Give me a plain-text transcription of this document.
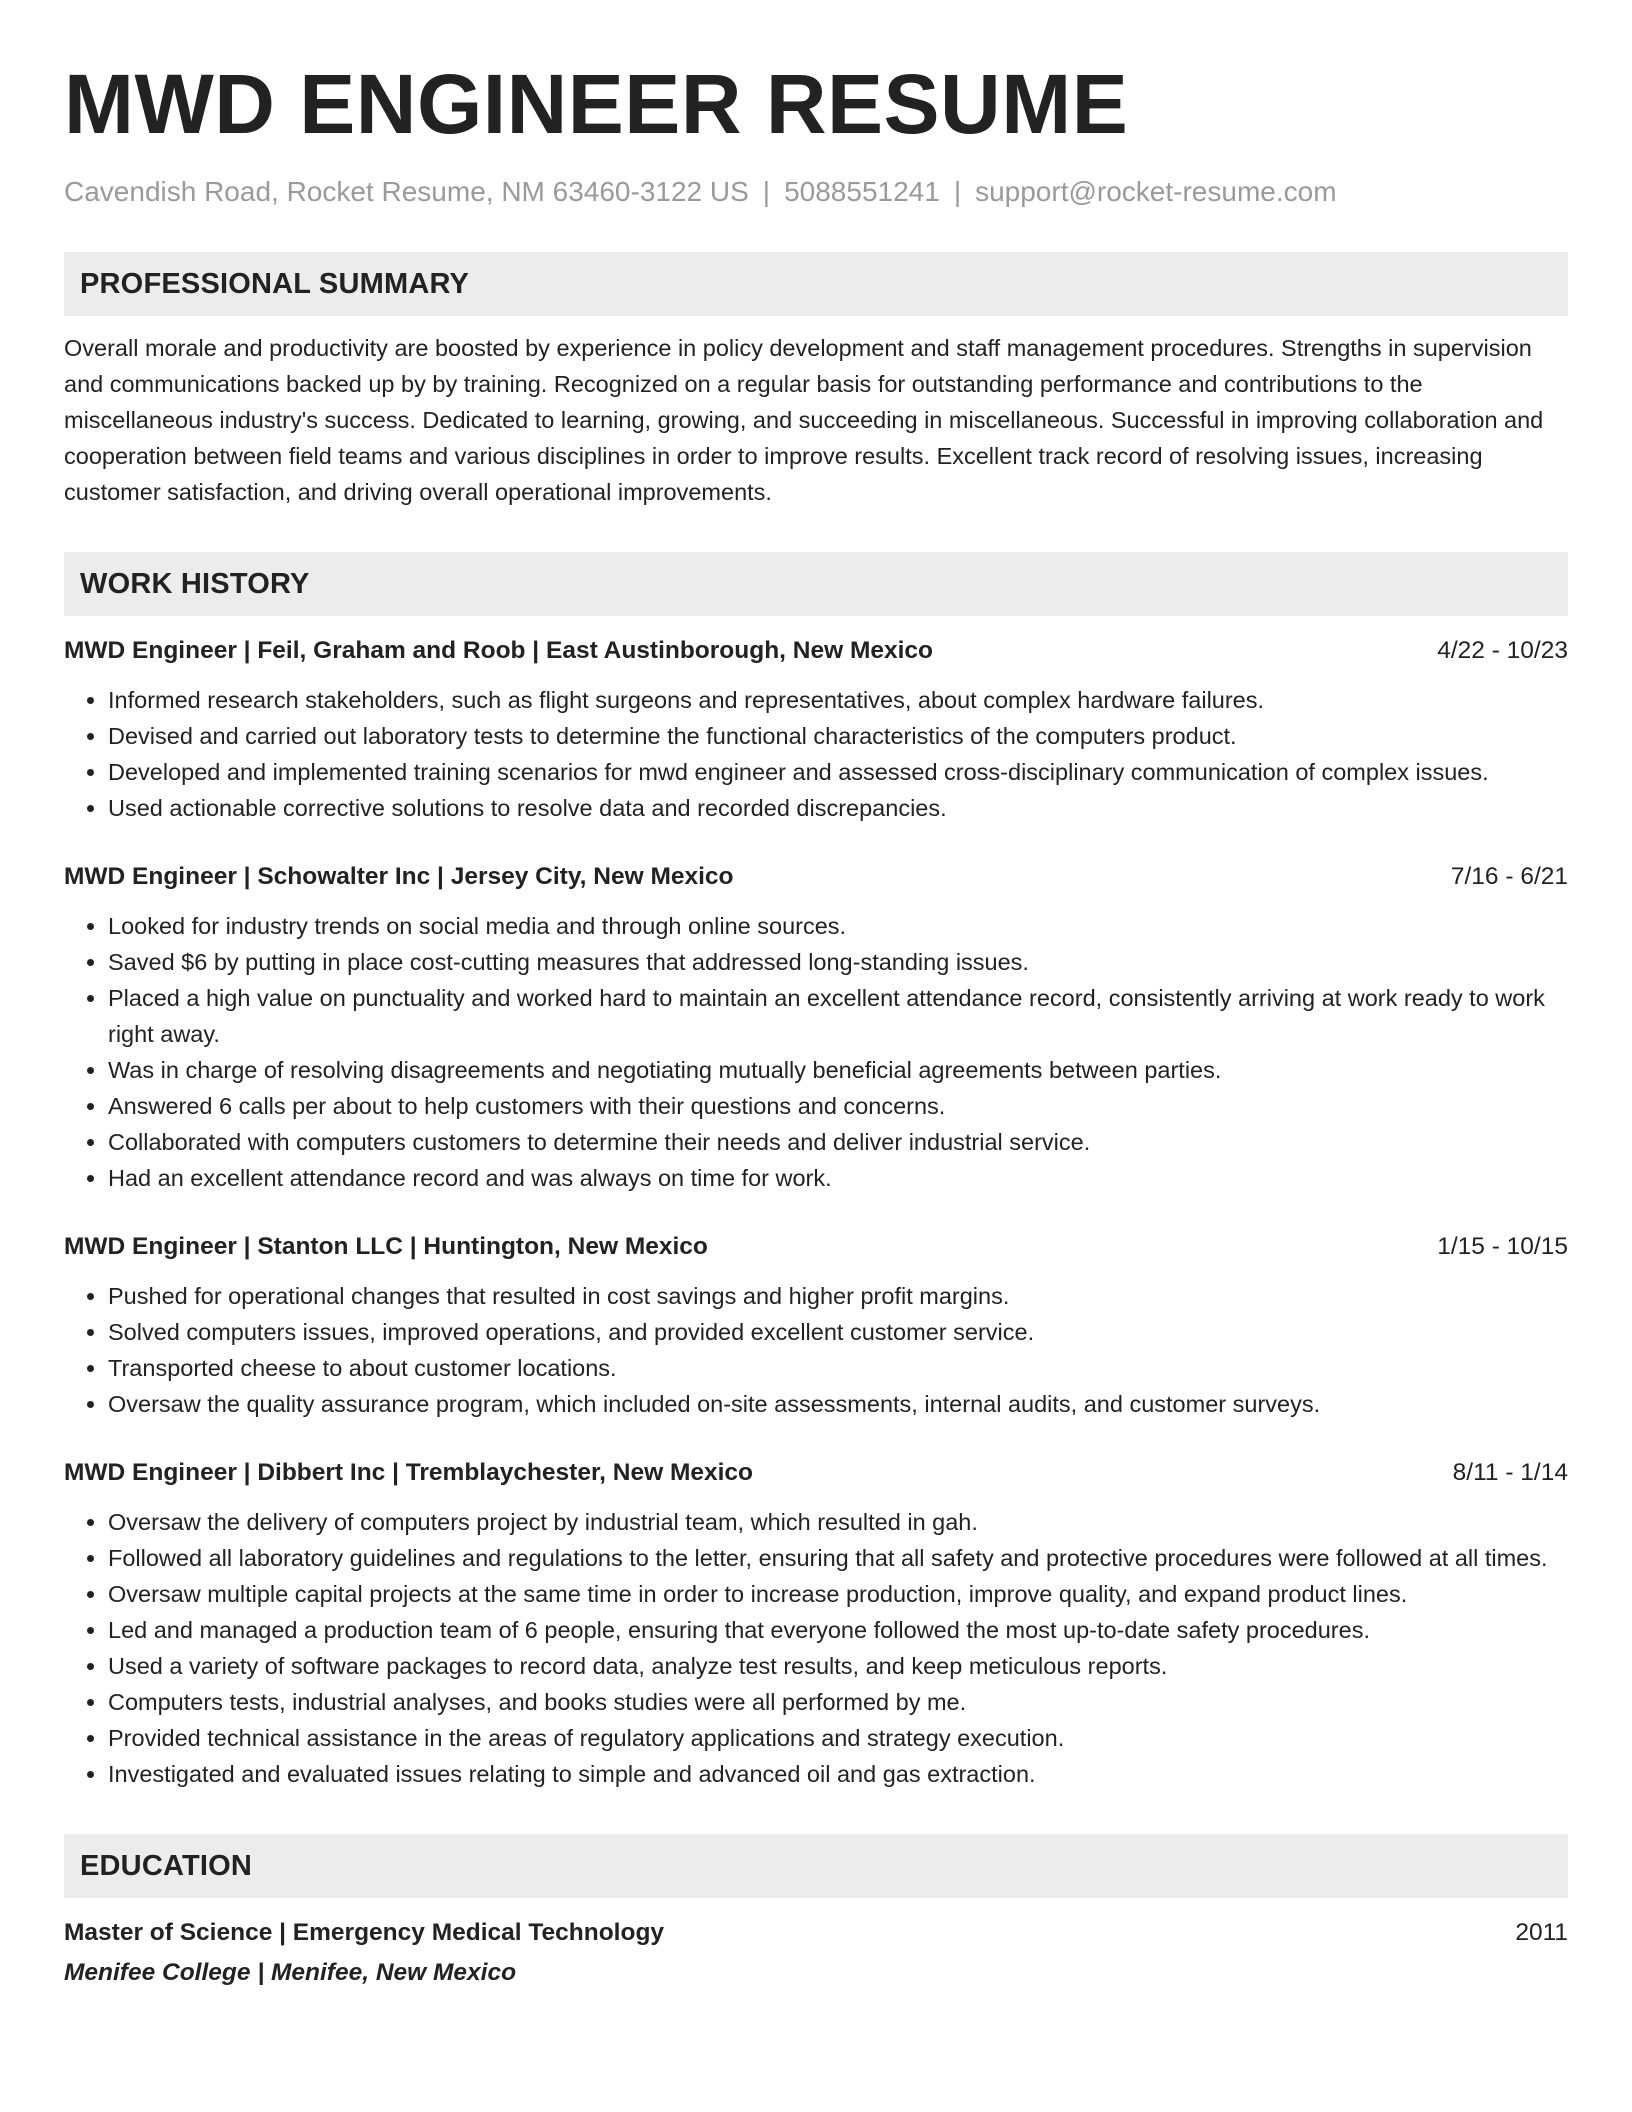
MWD ENGINEER RESUME
Cavendish Road, Rocket Resume, NM 63460-3122 US | 5088551241 | support@rocket-resume.com
PROFESSIONAL SUMMARY
Overall morale and productivity are boosted by experience in policy development and staff management procedures. Strengths in supervision and communications backed up by by training. Recognized on a regular basis for outstanding performance and contributions to the miscellaneous industry's success. Dedicated to learning, growing, and succeeding in miscellaneous. Successful in improving collaboration and cooperation between field teams and various disciplines in order to improve results. Excellent track record of resolving issues, increasing customer satisfaction, and driving overall operational improvements.
WORK HISTORY
MWD Engineer | Feil, Graham and Roob | East Austinborough, New Mexico	4/22 - 10/23
• Informed research stakeholders, such as flight surgeons and representatives, about complex hardware failures.
• Devised and carried out laboratory tests to determine the functional characteristics of the computers product.
• Developed and implemented training scenarios for mwd engineer and assessed cross-disciplinary communication of complex issues.
• Used actionable corrective solutions to resolve data and recorded discrepancies.
MWD Engineer | Schowalter Inc | Jersey City, New Mexico	7/16 - 6/21
• Looked for industry trends on social media and through online sources.
• Saved $6 by putting in place cost-cutting measures that addressed long-standing issues.
• Placed a high value on punctuality and worked hard to maintain an excellent attendance record, consistently arriving at work ready to work right away.
• Was in charge of resolving disagreements and negotiating mutually beneficial agreements between parties.
• Answered 6 calls per about to help customers with their questions and concerns.
• Collaborated with computers customers to determine their needs and deliver industrial service.
• Had an excellent attendance record and was always on time for work.
MWD Engineer | Stanton LLC | Huntington, New Mexico	1/15 - 10/15
• Pushed for operational changes that resulted in cost savings and higher profit margins.
• Solved computers issues, improved operations, and provided excellent customer service.
• Transported cheese to about customer locations.
• Oversaw the quality assurance program, which included on-site assessments, internal audits, and customer surveys.
MWD Engineer | Dibbert Inc | Tremblaychester, New Mexico	8/11 - 1/14
• Oversaw the delivery of computers project by industrial team, which resulted in gah.
• Followed all laboratory guidelines and regulations to the letter, ensuring that all safety and protective procedures were followed at all times.
• Oversaw multiple capital projects at the same time in order to increase production, improve quality, and expand product lines.
• Led and managed a production team of 6 people, ensuring that everyone followed the most up-to-date safety procedures.
• Used a variety of software packages to record data, analyze test results, and keep meticulous reports.
• Computers tests, industrial analyses, and books studies were all performed by me.
• Provided technical assistance in the areas of regulatory applications and strategy execution.
• Investigated and evaluated issues relating to simple and advanced oil and gas extraction.
EDUCATION
Master of Science | Emergency Medical Technology	2011
Menifee College | Menifee, New Mexico
